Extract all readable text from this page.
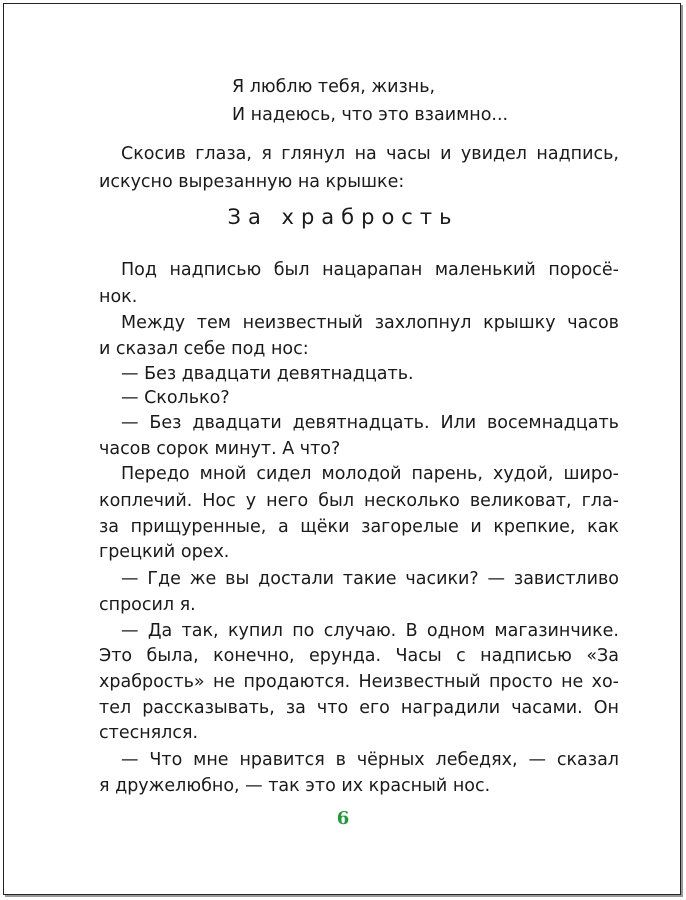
Я люблю тебя, жизнь,
И надеюсь, что это взаимно...
Скосив глаза, я глянул на часы и увидел надпись,
искусно вырезанную на крышке:
За храбрость
Под надписью был нацарапан маленький поросё-
нок.
Между тем неизвестный захлопнул крышку часов
и сказал себе под нос:
— Без двадцати девятнадцать.
— Сколько?
— Без двадцати девятнадцать. Или восемнадцать
часов сорок минут. А что?
Передо мной сидел молодой парень, худой, широ-
коплечий. Нос у него был несколько великоват, гла-
за прищуренные, а щёки загорелые и крепкие, как
грецкий орех.
— Где же вы достали такие часики? — завистливо
спросил я.
— Да так, купил по случаю. В одном магазинчике.
Это была, конечно, ерунда. Часы с надписью «За
храбрость» не продаются. Неизвестный просто не хо-
тел рассказывать, за что его наградили часами. Он
стеснялся.
— Что мне нравится в чёрных лебедях, — сказал
я дружелюбно, — так это их красный нос.
6
